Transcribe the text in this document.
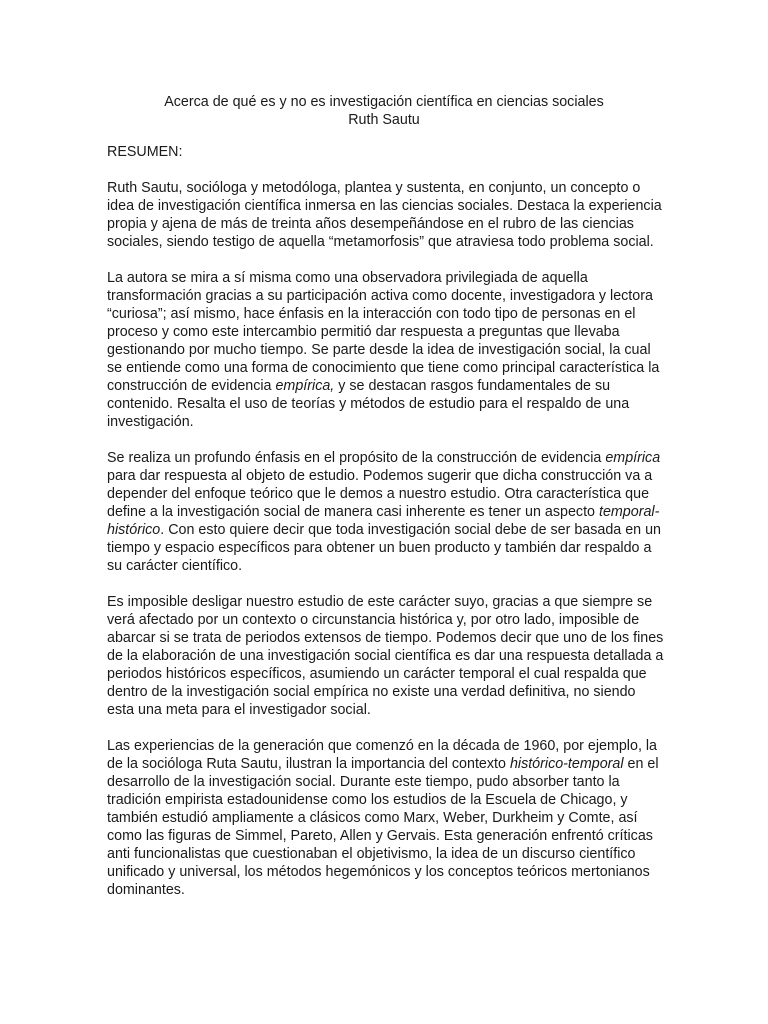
Acerca de qué es y no es investigación científica en ciencias sociales
Ruth Sautu

RESUMEN:

Ruth Sautu, socióloga y metodóloga, plantea y sustenta, en conjunto, un concepto o idea de investigación científica inmersa en las ciencias sociales. Destaca la experiencia propia y ajena de más de treinta años desempeñándose en el rubro de las ciencias sociales, siendo testigo de aquella “metamorfosis” que atraviesa todo problema social.

La autora se mira a sí misma como una observadora privilegiada de aquella transformación gracias a su participación activa como docente, investigadora y lectora “curiosa”; así mismo, hace énfasis en la interacción con todo tipo de personas en el proceso y como este intercambio permitió dar respuesta a preguntas que llevaba gestionando por mucho tiempo. Se parte desde la idea de investigación social, la cual se entiende como una forma de conocimiento que tiene como principal característica la construcción de evidencia empírica, y se destacan rasgos fundamentales de su contenido. Resalta el uso de teorías y métodos de estudio para el respaldo de una investigación.

Se realiza un profundo énfasis en el propósito de la construcción de evidencia empírica para dar respuesta al objeto de estudio. Podemos sugerir que dicha construcción va a depender del enfoque teórico que le demos a nuestro estudio. Otra característica que define a la investigación social de manera casi inherente es tener un aspecto temporal-histórico. Con esto quiere decir que toda investigación social debe de ser basada en un tiempo y espacio específicos para obtener un buen producto y también dar respaldo a su carácter científico.

Es imposible desligar nuestro estudio de este carácter suyo, gracias a que siempre se verá afectado por un contexto o circunstancia histórica y, por otro lado, imposible de abarcar si se trata de periodos extensos de tiempo. Podemos decir que uno de los fines de la elaboración de una investigación social científica es dar una respuesta detallada a periodos históricos específicos, asumiendo un carácter temporal el cual respalda que dentro de la investigación social empírica no existe una verdad definitiva, no siendo esta una meta para el investigador social.

Las experiencias de la generación que comenzó en la década de 1960, por ejemplo, la de la socióloga Ruta Sautu, ilustran la importancia del contexto histórico-temporal en el desarrollo de la investigación social. Durante este tiempo, pudo absorber tanto la tradición empirista estadounidense como los estudios de la Escuela de Chicago, y también estudió ampliamente a clásicos como Marx, Weber, Durkheim y Comte, así como las figuras de Simmel, Pareto, Allen y Gervais. Esta generación enfrentó críticas anti funcionalistas que cuestionaban el objetivismo, la idea de un discurso científico unificado y universal, los métodos hegemónicos y los conceptos teóricos mertonianos dominantes.
